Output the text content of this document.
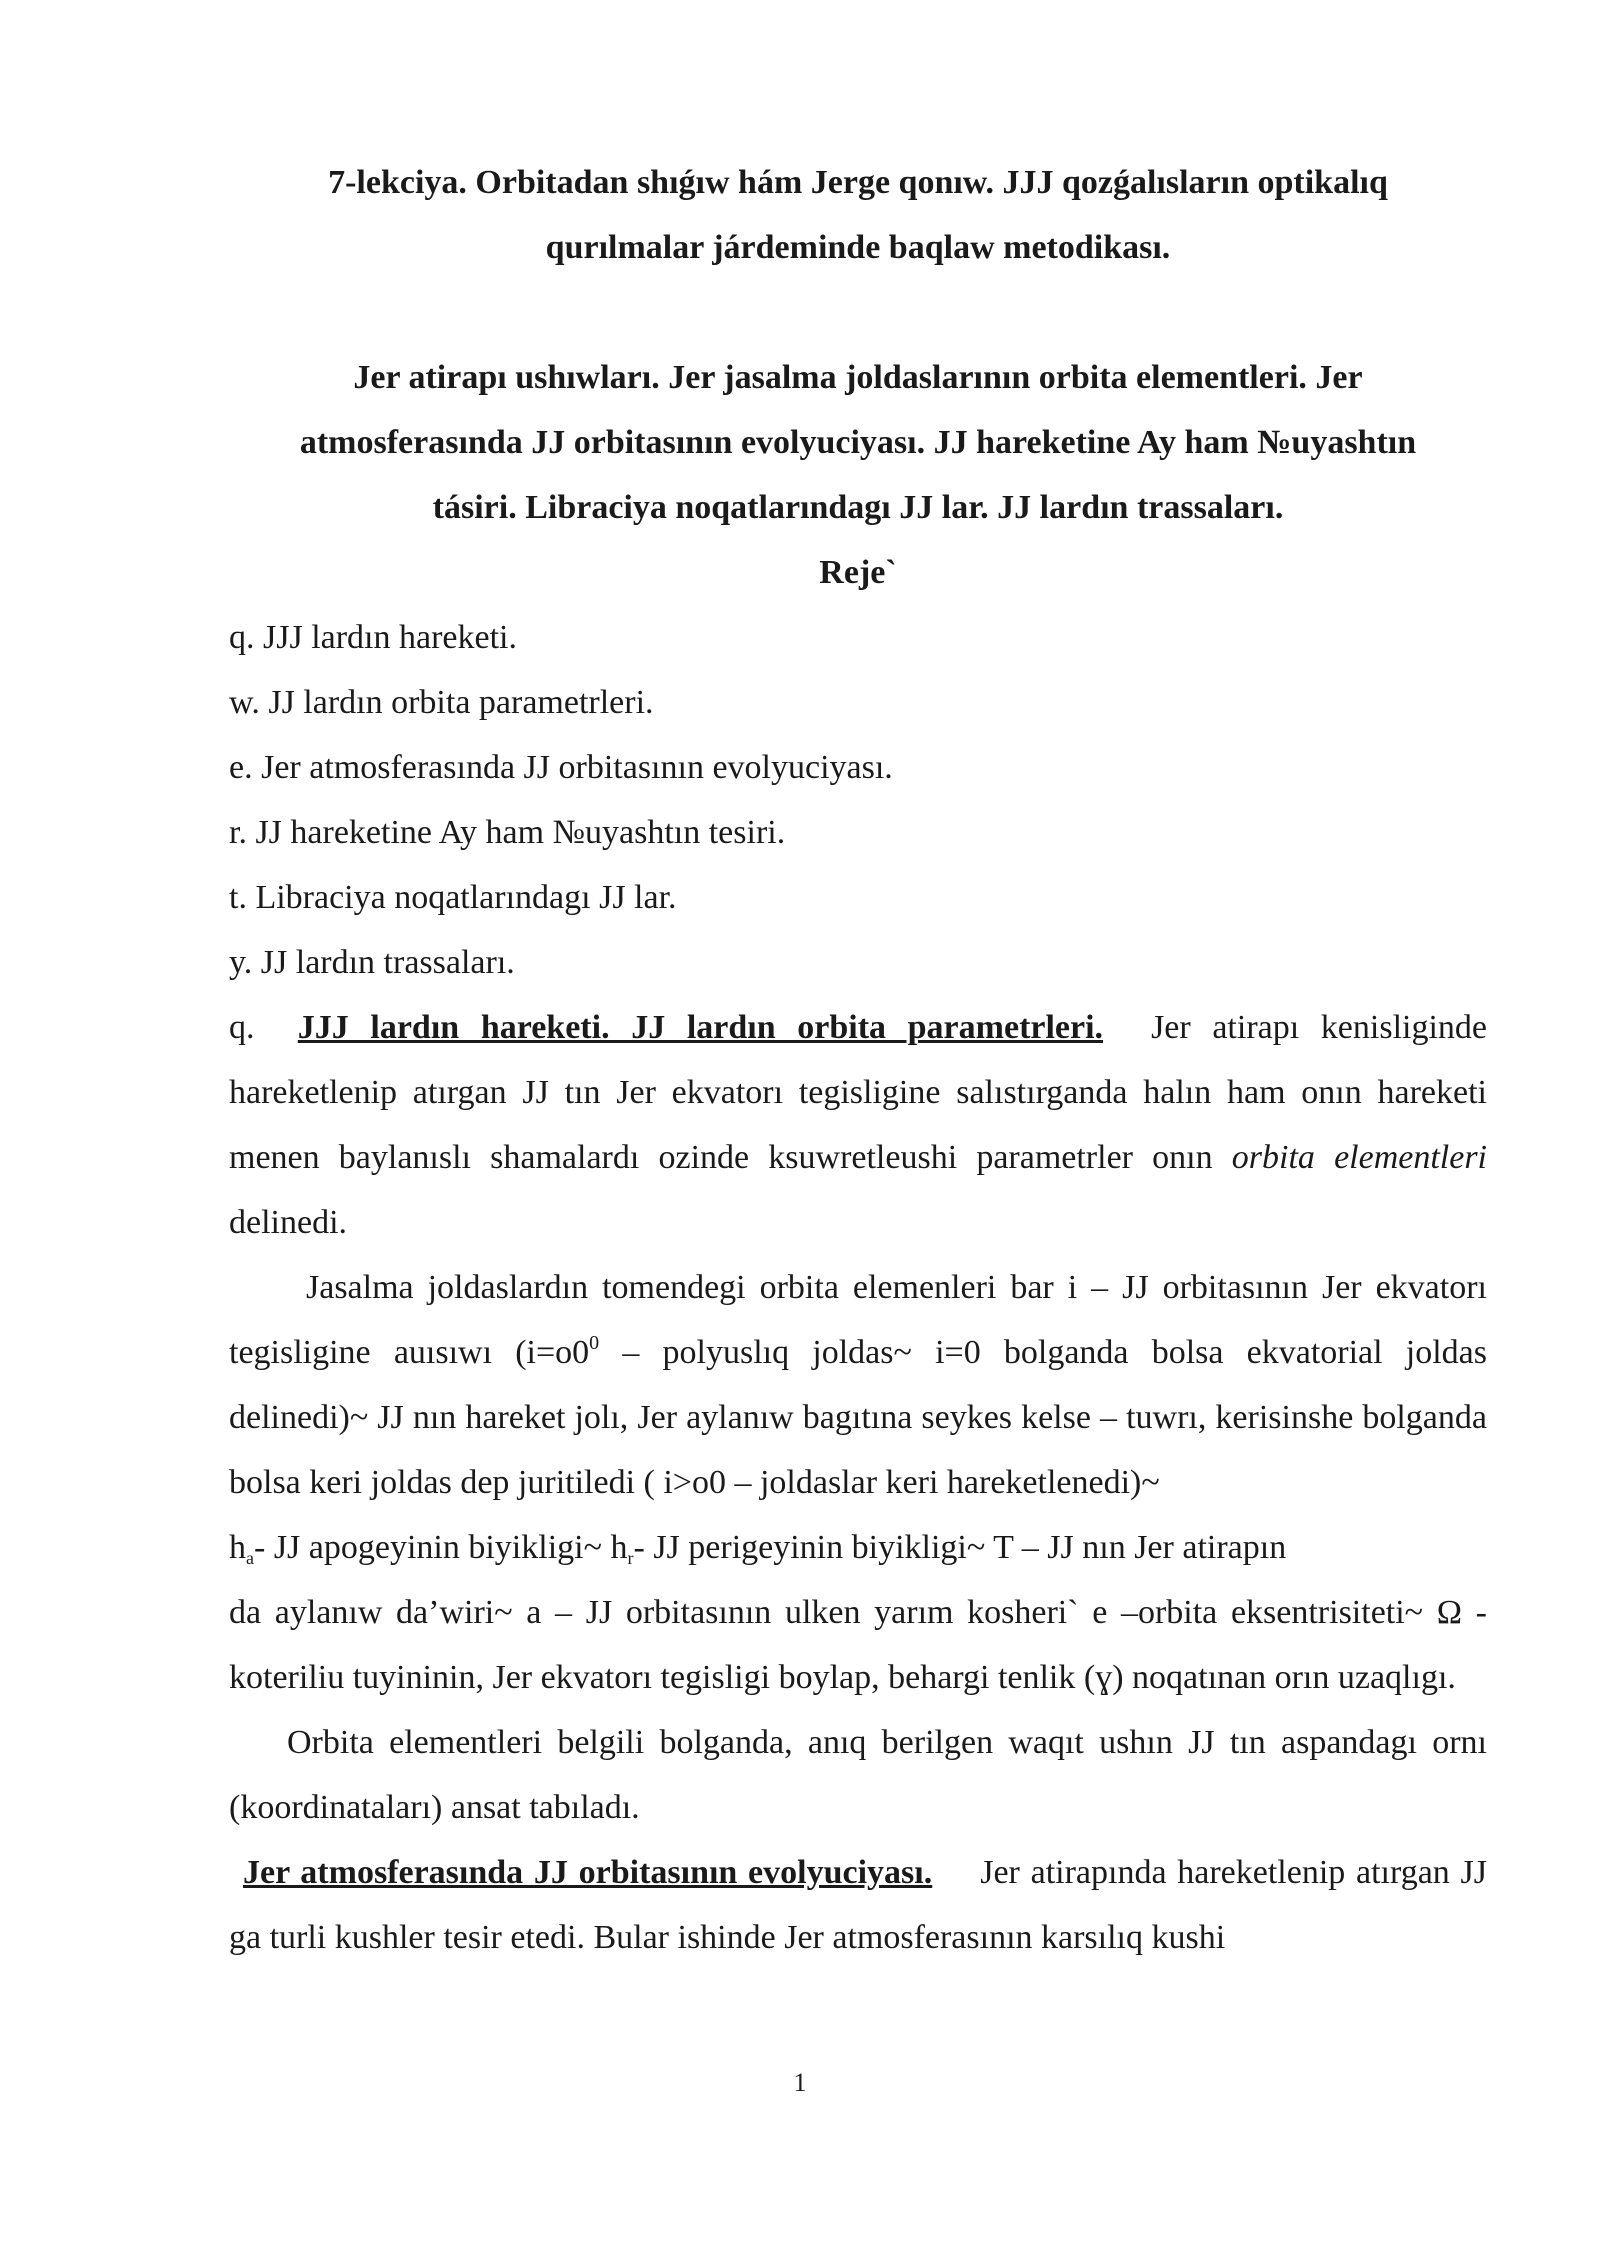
7-lekciya. Orbitadan shıǵıw hám Jerge qonıw. JJJ qozǵalısların optikalıq
qurılmalar járdeminde baqlaw metodikası.
Jer atirapı ushıwları. Jer jasalma joldaslarının orbita elementleri. Jer
atmosferasında JJ orbitasının evolyuciyası. JJ hareketine Ay ham №uyashtın
tásiri. Libraciya noqatlarındagı JJ lar. JJ lardın trassaları.
Reje`
q. JJJ lardın hareketi.
w. JJ lardın orbita parametrleri.
e. Jer atmosferasında JJ orbitasının evolyuciyası.
r. JJ hareketine Ay ham №uyashtın tesiri.
t. Libraciya noqatlarındagı JJ lar.
y. JJ lardın trassaları.

q. JJJ lardın hareketi. JJ lardın orbita parametrleri. Jer atirapı kenisliginde hareketlenip atırgan JJ tın Jer ekvatorı tegisligine salıstırganda halın ham onın hareketi menen baylanıslı shamalardı ozinde ksuwretleushi parametrler onın orbita elementleri delinedi.

Jasalma joldaslardın tomendegi orbita elemenleri bar i – JJ orbitasının Jer ekvatorı tegisligine auısıwı ($i=o0^0$ – polyuslıq joldas~ i=0 bolganda bolsa ekvatorial joldas delinedi)~ JJ nın hareket jolı, Jer aylanıw bagıtına seykes kelse – tuwrı, kerisinshe bolganda bolsa keri joldas dep juritiledi ( i>o0 – joldaslar keri hareketlenedi)~

$h_a-$ JJ apogeyinin biyikligi~ $h_r-$ JJ perigeyinin biyikligi~ T – JJ nın Jer atirapın

da aylanıw da’wiri~ a – JJ orbitasının ulken yarım kosheri` e –orbita eksentrisiteti~ Ω - koteriliu tuyininin, Jer ekvatorı tegisligi boylap, behargi tenlik (ɣ) noqatınan orın uzaqlıgı.

Orbita elementleri belgili bolganda, anıq berilgen waqıt ushın JJ tın aspandagı ornı (koordinataları) ansat tabıladı.

Jer atmosferasında JJ orbitasının evolyuciyası. Jer atirapında hareketlenip atırgan JJ ga turli kushler tesir etedi. Bular ishinde Jer atmosferasının karsılıq kushi

1
